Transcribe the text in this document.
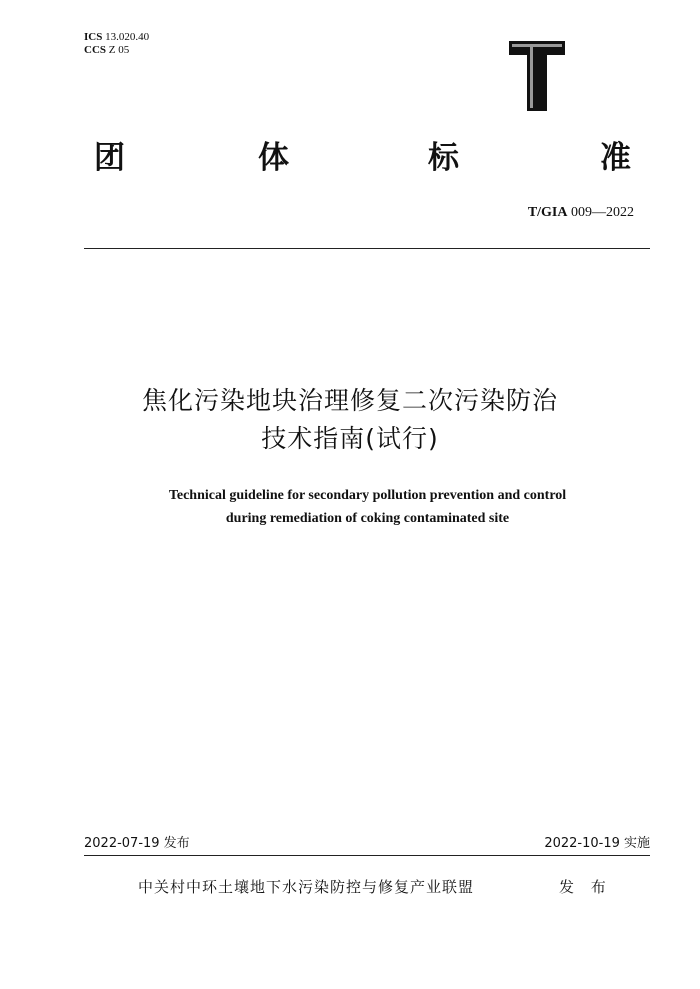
ICS 13.020.40
CCS Z 05
团	体	标	准
T/GIA 009—2022
焦化污染地块治理修复二次污染防治
技术指南(试行)
Technical guideline for secondary pollution prevention and control
during remediation of coking contaminated site
2022-07-19 发布	2022-10-19 实施
中关村中环土壤地下水污染防控与修复产业联盟	发 布
